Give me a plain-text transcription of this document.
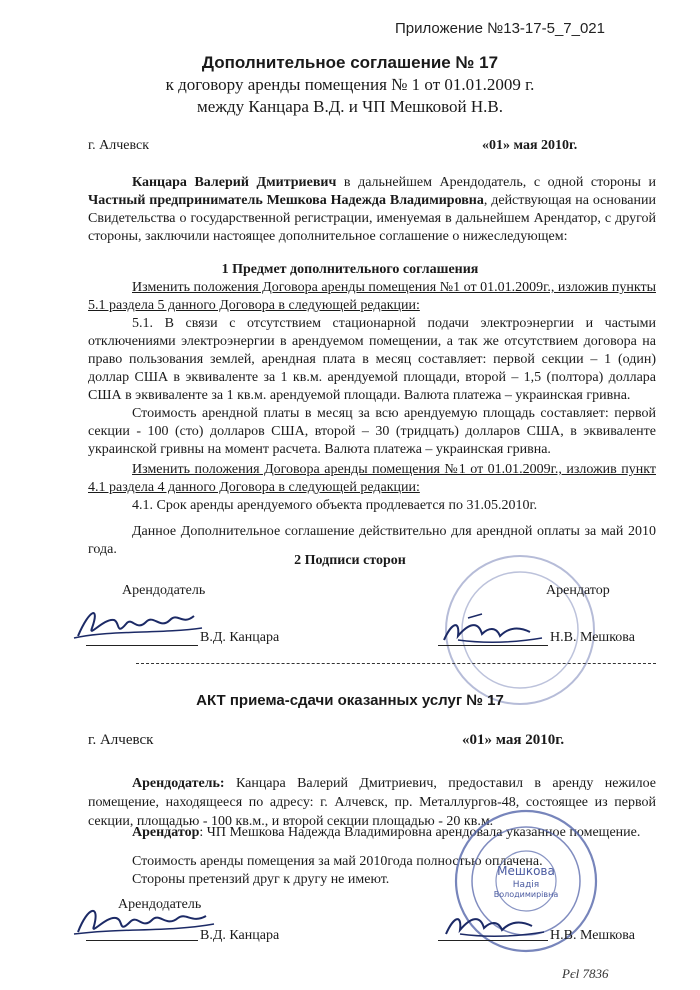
Приложение №13-17-5_7_021
Дополнительное соглашение № 17
к договору аренды помещения № 1 от 01.01.2009 г.
между Канцара В.Д. и ЧП Мешковой Н.В.
г. Алчевск	«01» мая 2010г.

Канцара Валерий Дмитриевич в дальнейшем Арендодатель, с одной стороны и Частный предприниматель Мешкова Надежда Владимировна, действующая на основании Свидетельства о государственной регистрации, именуемая в дальнейшем Арендатор, с другой стороны, заключили настоящее дополнительное соглашение о нижеследующем:

1 Предмет дополнительного соглашения

Изменить положения Договора аренды помещения №1 от 01.01.2009г., изложив пункты 5.1 раздела 5 данного Договора в следующей редакции:

5.1. В связи с отсутствием стационарной подачи электроэнергии и частыми отключениями электроэнергии в арендуемом помещении, а так же отсутствием договора на право пользования землей, арендная плата в месяц составляет: первой секции – 1 (один) доллар США в эквиваленте за 1 кв.м. арендуемой площади, второй – 1,5 (полтора) доллара США в эквиваленте за 1 кв.м. арендуемой площади. Валюта платежа – украинская гривна.

Стоимость арендной платы в месяц за всю арендуемую площадь составляет: первой секции - 100 (сто) долларов США, второй – 30 (тридцать) долларов США, в эквиваленте украинской гривны на момент расчета. Валюта платежа – украинская гривна.

Изменить положения Договора аренды помещения №1 от 01.01.2009г., изложив пункт 4.1 раздела 4 данного Договора в следующей редакции:

4.1. Срок аренды арендуемого объекта продлевается по 31.05.2010г.

Данное Дополнительное соглашение действительно для арендной оплаты за май 2010 года.

2 Подписи сторон
Арендодатель	Арендатор
В.Д. Канцара	Н.В. Мешкова
АКТ приема-сдачи оказанных услуг № 17
г. Алчевск	«01» мая 2010г.

Арендодатель: Канцара Валерий Дмитриевич, предоставил в аренду нежилое помещение, находящееся по адресу: г. Алчевск, пр. Металлургов-48, состоящее из первой секции, площадью - 100 кв.м., и второй секции площадью - 20 кв.м.

Арендатор: ЧП Мешкова Надежда Владимировна арендовала указанное помещение.

Стоимость аренды помещения за май 2010года полностью оплачена.

Стороны претензий друг к другу не имеют.

Мешкова
Надія
Володимирівна
Арендодатель
В.Д. Канцара	Н.В. Мешкова
Рєl 7836
